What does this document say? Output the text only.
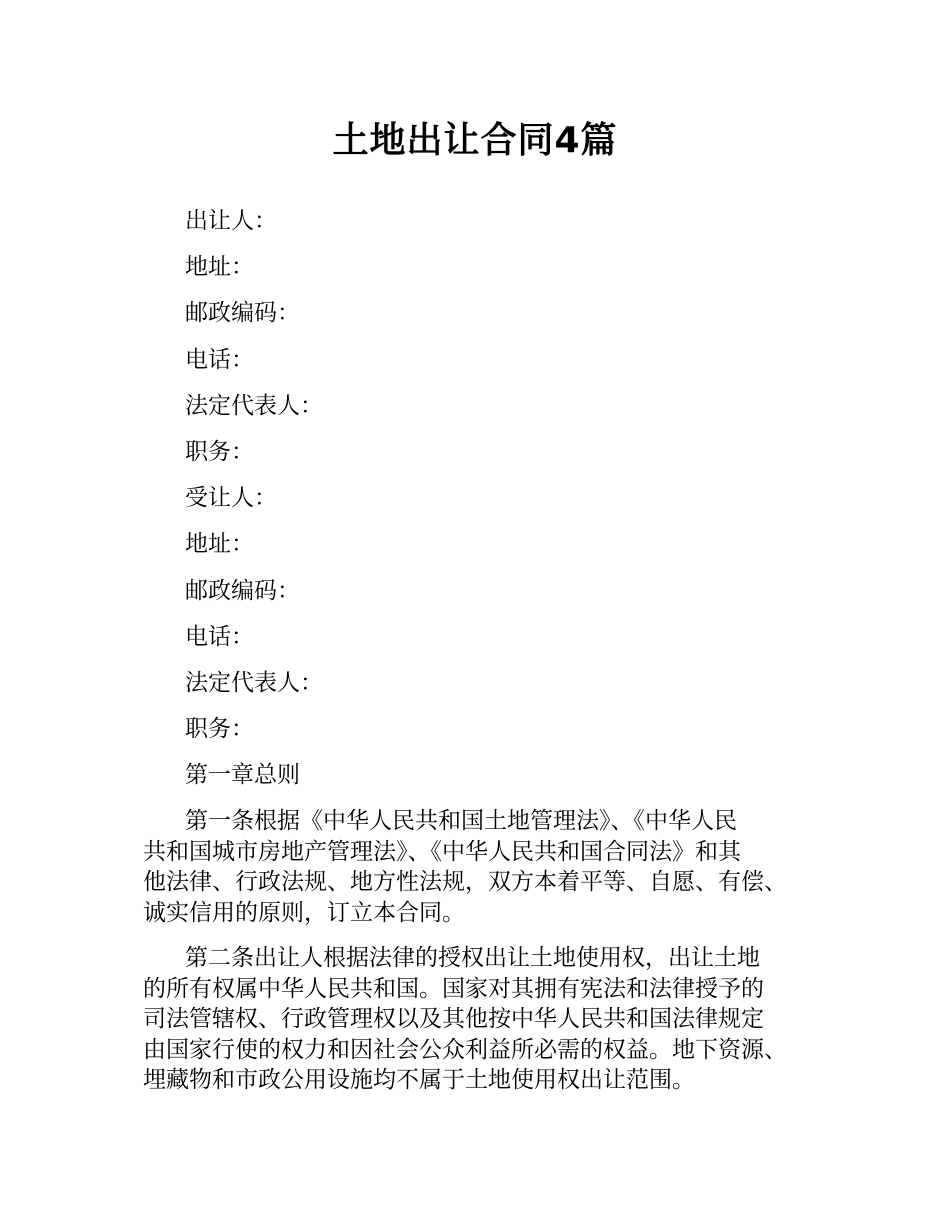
土地出让合同4篇
出让人：
地址：
邮政编码：
电话：
法定代表人：
职务：
受让人：
地址：
邮政编码：
电话：
法定代表人：
职务：
第一章总则

第一条根据《中华人民共和国土地管理法》、《中华人民
共和国城市房地产管理法》、《中华人民共和国合同法》和其
他法律、行政法规、地方性法规，双方本着平等、自愿、有偿、
诚实信用的原则，订立本合同。

第二条出让人根据法律的授权出让土地使用权，出让土地
的所有权属中华人民共和国。国家对其拥有宪法和法律授予的
司法管辖权、行政管理权以及其他按中华人民共和国法律规定
由国家行使的权力和因社会公众利益所必需的权益。地下资源、
埋藏物和市政公用设施均不属于土地使用权出让范围。
